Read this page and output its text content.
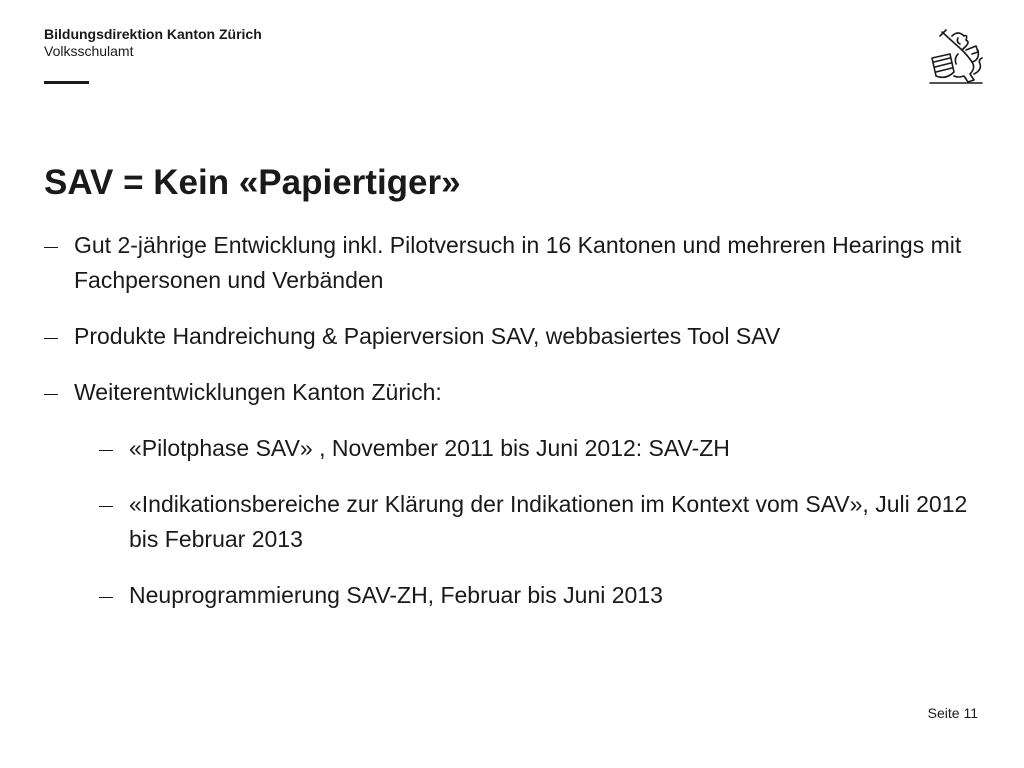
Bildungsdirektion Kanton Zürich
Volksschulamt
SAV = Kein «Papiertiger»
Gut 2-jährige Entwicklung inkl. Pilotversuch in 16 Kantonen und mehreren Hearings mit Fachpersonen und Verbänden
Produkte Handreichung & Papierversion SAV, webbasiertes Tool SAV
Weiterentwicklungen Kanton Zürich:
«Pilotphase SAV» , November 2011 bis Juni 2012: SAV-ZH
«Indikationsbereiche zur Klärung der Indikationen im Kontext vom SAV», Juli 2012 bis Februar 2013
Neuprogrammierung SAV-ZH, Februar bis Juni 2013
Seite 11
